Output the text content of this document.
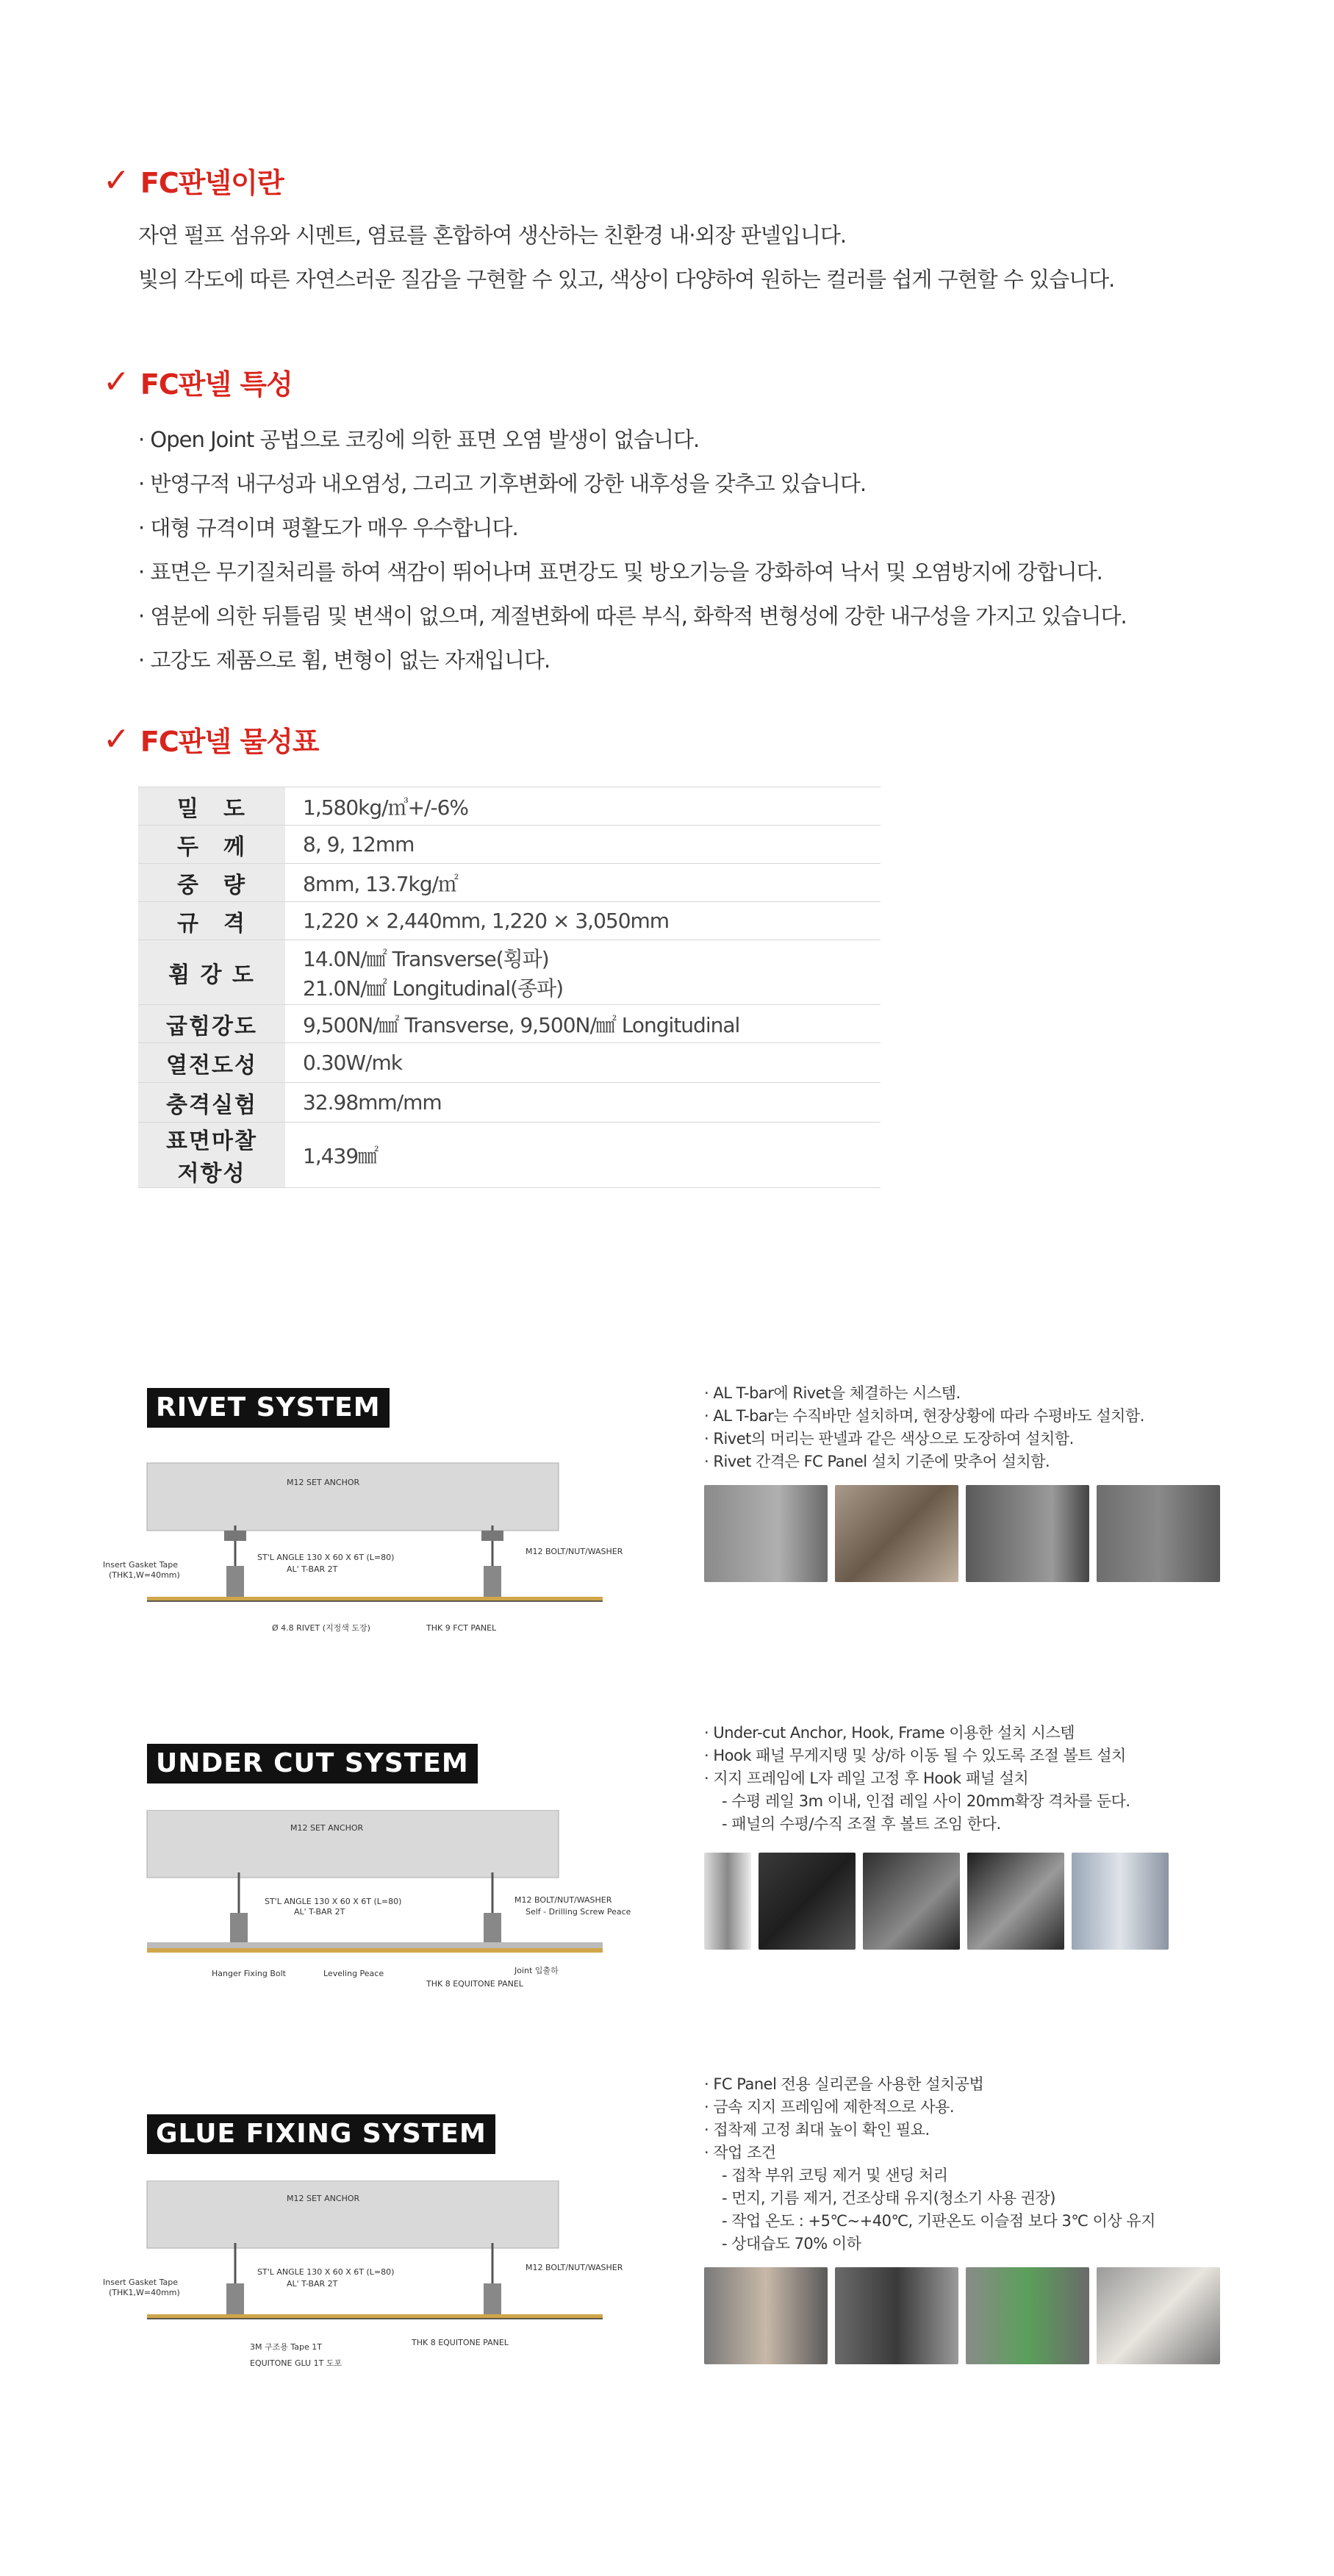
✓ FC판넬이란

자연 펄프 섬유와 시멘트, 염료를 혼합하여 생산하는 친환경 내·외장 판넬입니다.

빛의 각도에 따른 자연스러운 질감을 구현할 수 있고, 색상이 다양하여 원하는 컬러를 쉽게 구현할 수 있습니다.

✓ FC판넬 특성
· Open Joint 공법으로 코킹에 의한 표면 오염 발생이 없습니다.
· 반영구적 내구성과 내오염성, 그리고 기후변화에 강한 내후성을 갖추고 있습니다.
· 대형 규격이며 평활도가 매우 우수합니다.
· 표면은 무기질처리를 하여 색감이 뛰어나며 표면강도 및 방오기능을 강화하여 낙서 및 오염방지에 강합니다.
· 염분에 의한 뒤틀림 및 변색이 없으며, 계절변화에 따른 부식, 화학적 변형성에 강한 내구성을 가지고 있습니다.
· 고강도 제품으로 휨, 변형이 없는 자재입니다.
✓ FC판넬 물성표
밀　도	1,580kg/㎥+/-6%
두　께	8, 9, 12mm
중　량	8mm, 13.7kg/㎡
규　격	1,220 × 2,440mm, 1,220 × 3,050mm
휨 강 도	14.0N/㎟ Transverse(횡파)
21.0N/㎟ Longitudinal(종파)

굽힘강도	9,500N/㎟ Transverse, 9,500N/㎟ Longitudinal
열전도성	0.30W/mk
충격실험	32.98mm/mm

표면마찰
저항성	1,439㎟
RIVET SYSTEM
M12 SET ANCHOR
ST'L ANGLE 130 X 60 X 6T (L=80)
AL' T-BAR 2T
M12 BOLT/NUT/WASHER
Insert Gasket Tape
(THK1,W=40mm)
Ø 4.8 RIVET (지정색 도장)	THK 9 FCT PANEL
· AL T-bar에 Rivet을 체결하는 시스템.
· AL T-bar는 수직바만 설치하며, 현장상황에 따라 수평바도 설치함.
· Rivet의 머리는 판넬과 같은 색상으로 도장하여 설치함.
· Rivet 간격은 FC Panel 설치 기준에 맞추어 설치함.
UNDER CUT SYSTEM
M12 SET ANCHOR
ST'L ANGLE 130 X 60 X 6T (L=80)
AL' T-BAR 2T
M12 BOLT/NUT/WASHER
Self - Drilling Screw Peace
Hanger Fixing Bolt	Leveling Peace
THK 8 EQUITONE PANEL
Joint 입출하
· Under-cut Anchor, Hook, Frame 이용한 설치 시스템
· Hook 패널 무게지탱 및 상/하 이동 될 수 있도록 조절 볼트 설치
· 지지 프레임에 L자 레일 고정 후 Hook 패널 설치
- 수평 레일 3m 이내, 인접 레일 사이 20mm확장 격차를 둔다.
- 패널의 수평/수직 조절 후 볼트 조임 한다.
GLUE FIXING SYSTEM
M12 SET ANCHOR
ST'L ANGLE 130 X 60 X 6T (L=80)
AL' T-BAR 2T
M12 BOLT/NUT/WASHER
Insert Gasket Tape
(THK1,W=40mm)
3M 구조용 Tape 1T
EQUITONE GLU 1T 도포
THK 8 EQUITONE PANEL
· FC Panel 전용 실리콘을 사용한 설치공법
· 금속 지지 프레임에 제한적으로 사용.
· 접착제 고정 최대 높이 확인 필요.
· 작업 조건
- 접착 부위 코팅 제거 및 샌딩 처리
- 먼지, 기름 제거, 건조상태 유지(청소기 사용 권장)
- 작업 온도 : +5℃~+40℃, 기판온도 이슬점 보다 3℃ 이상 유지
- 상대습도 70% 이하
